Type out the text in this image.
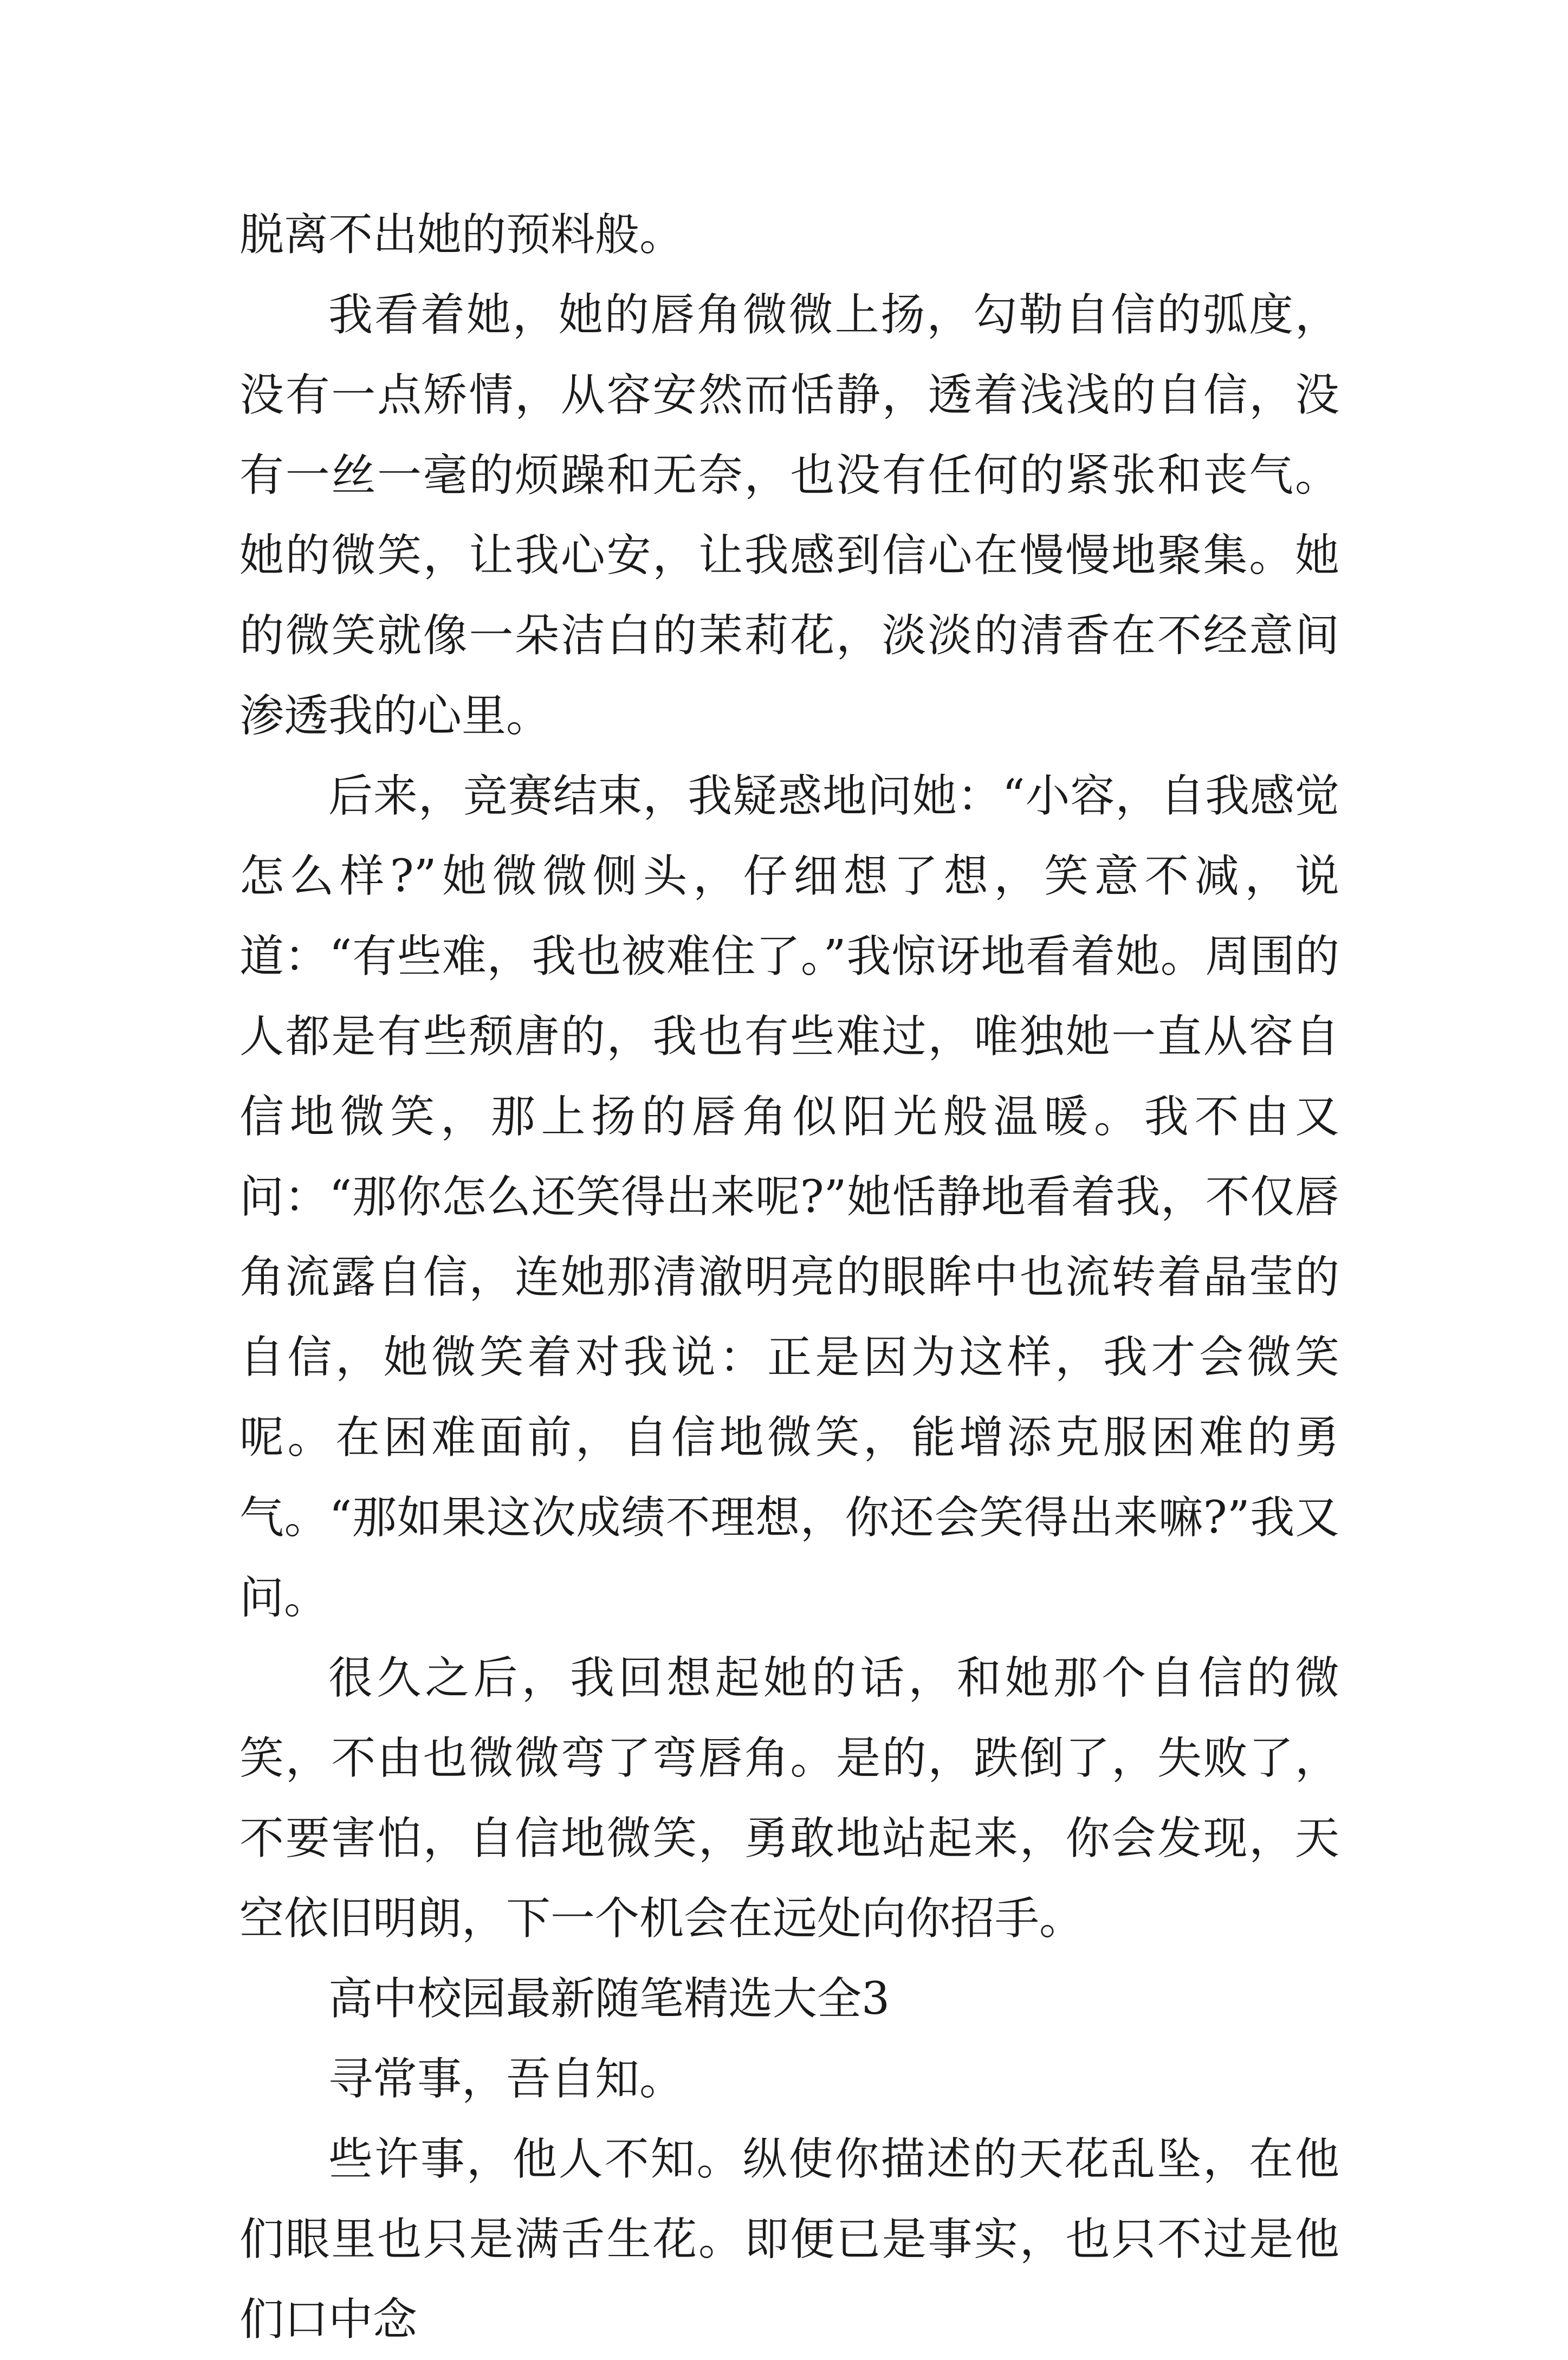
脱离不出她的预料般。

我看着她，她的唇角微微上扬，勾勒自信的弧度，没有一点矫情，从容安然而恬静，透着浅浅的自信，没有一丝一毫的烦躁和无奈，也没有任何的紧张和丧气。她的微笑，让我心安，让我感到信心在慢慢地聚集。她的微笑就像一朵洁白的茉莉花，淡淡的清香在不经意间渗透我的心里。

后来，竞赛结束，我疑惑地问她：“小容，自我感觉怎么样?”她微微侧头，仔细想了想，笑意不减，说道：“有些难，我也被难住了。”我惊讶地看着她。周围的人都是有些颓唐的，我也有些难过，唯独她一直从容自信地微笑，那上扬的唇角似阳光般温暖。我不由又问：“那你怎么还笑得出来呢?”她恬静地看着我，不仅唇角流露自信，连她那清澈明亮的眼眸中也流转着晶莹的自信，她微笑着对我说：正是因为这样，我才会微笑呢。在困难面前，自信地微笑，能增添克服困难的勇气。“那如果这次成绩不理想，你还会笑得出来嘛?”我又问。

很久之后，我回想起她的话，和她那个自信的微笑，不由也微微弯了弯唇角。是的，跌倒了，失败了，不要害怕，自信地微笑，勇敢地站起来，你会发现，天空依旧明朗，下一个机会在远处向你招手。

高中校园最新随笔精选大全3

寻常事，吾自知。

些许事，他人不知。纵使你描述的天花乱坠，在他们眼里也只是满舌生花。即便已是事实，也只不过是他们口中念
